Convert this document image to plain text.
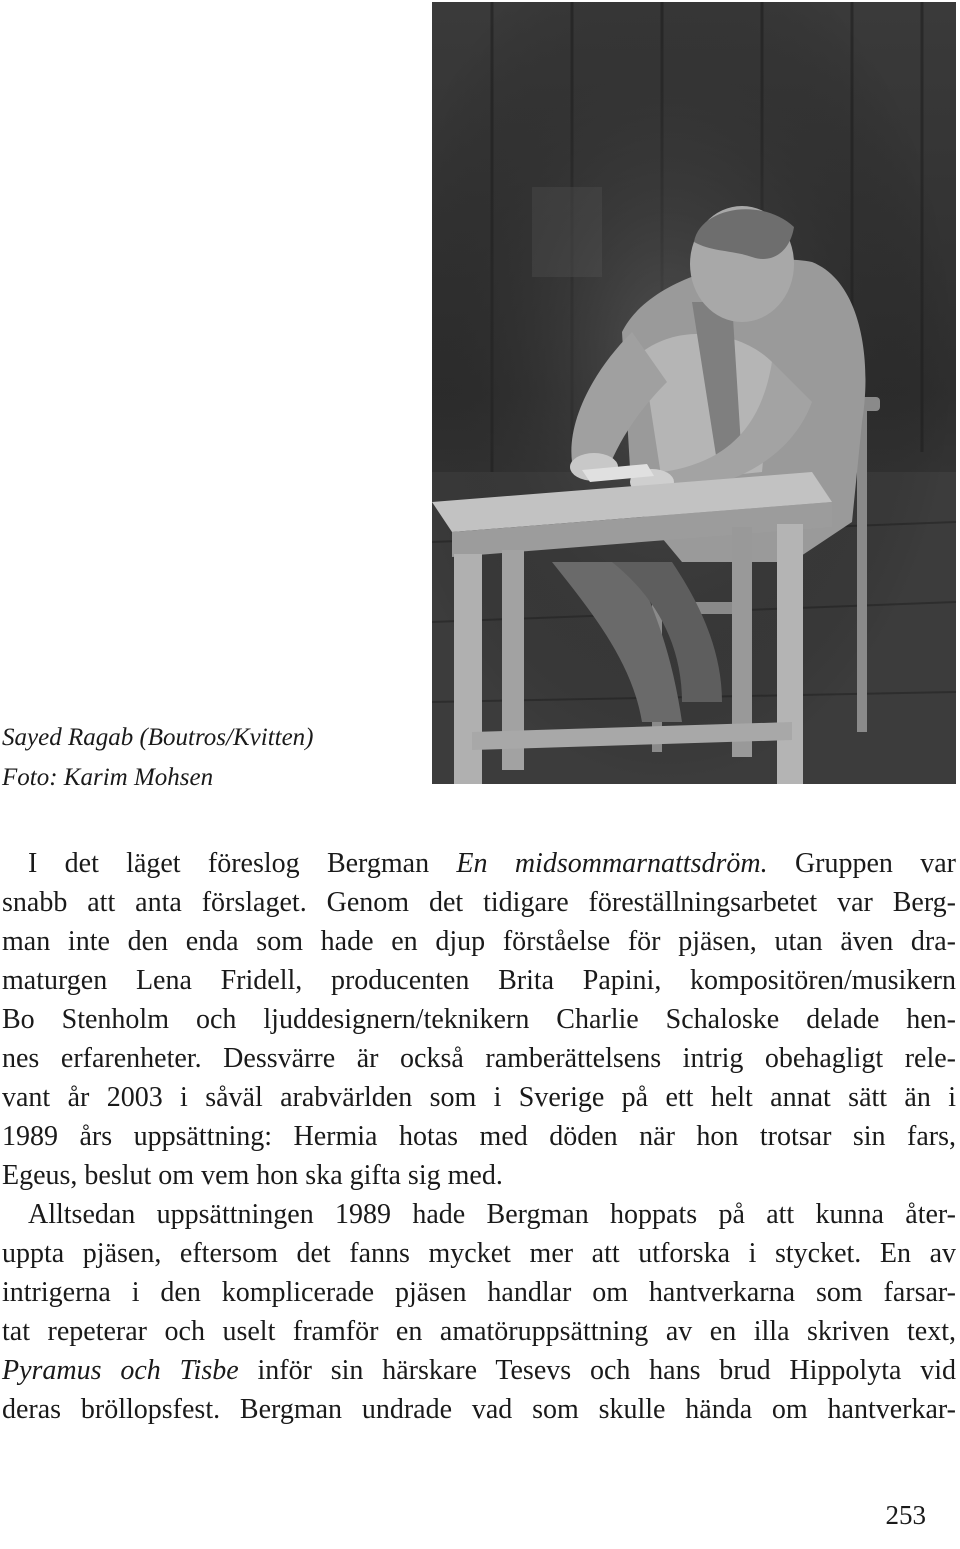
Sayed Ragab (Boutros/Kvitten)
Foto: Karim Mohsen
I det läget föreslog Bergman En midsommarnattsdröm. Gruppen var
snabb att anta förslaget. Genom det tidigare föreställningsarbetet var Berg-
man inte den enda som hade en djup förståelse för pjäsen, utan även dra-
maturgen Lena Fridell, producenten Brita Papini, kompositören/musikern
Bo Stenholm och ljuddesignern/teknikern Charlie Schaloske delade hen-
nes erfarenheter. Dessvärre är också ramberättelsens intrig obehagligt rele-
vant år 2003 i såväl arabvärlden som i Sverige på ett helt annat sätt än i
1989 års uppsättning: Hermia hotas med döden när hon trotsar sin fars,
Egeus, beslut om vem hon ska gifta sig med.
Alltsedan uppsättningen 1989 hade Bergman hoppats på att kunna åter-
uppta pjäsen, eftersom det fanns mycket mer att utforska i stycket. En av
intrigerna i den komplicerade pjäsen handlar om hantverkarna som farsar-
tat repeterar och uselt framför en amatöruppsättning av en illa skriven text,
Pyramus och Tisbe inför sin härskare Tesevs och hans brud Hippolyta vid
deras bröllopsfest. Bergman undrade vad som skulle hända om hantverkar-
253
